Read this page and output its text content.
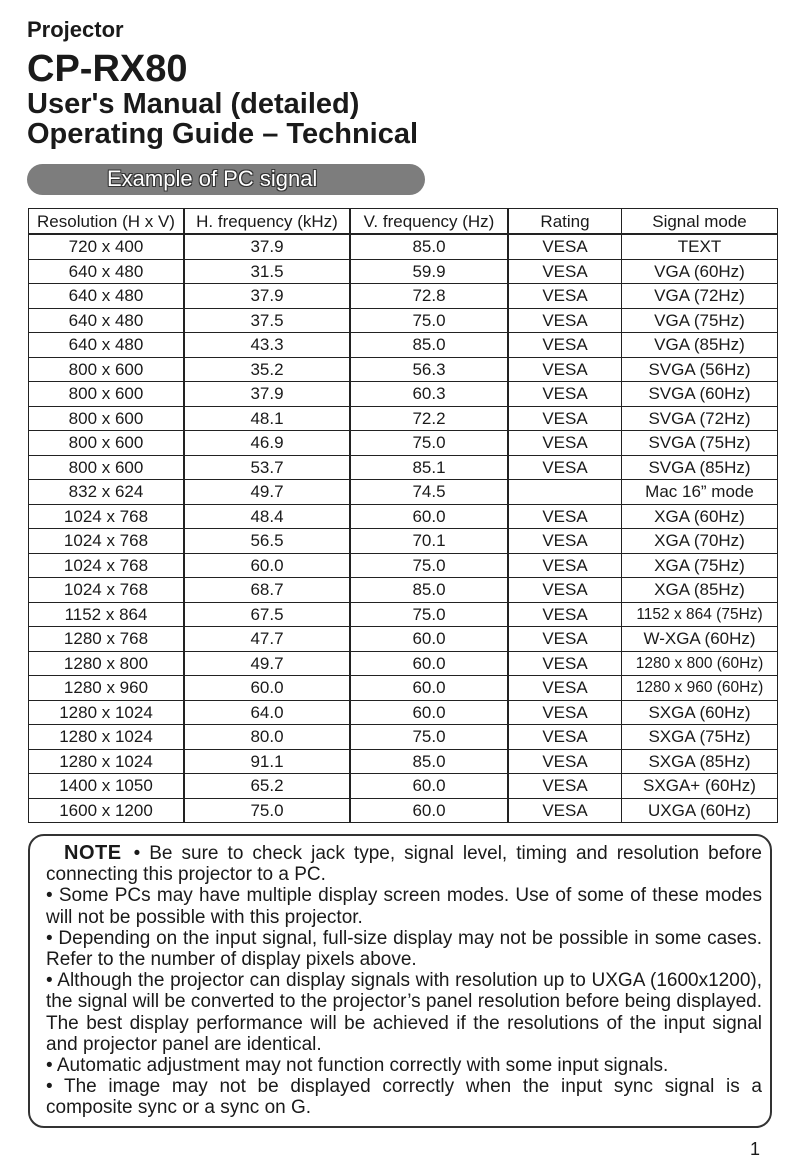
Projector
CP-RX80
User's Manual (detailed)
Operating Guide – Technical
Example of PC signal
Resolution (H x V)	H. frequency (kHz)	V. frequency (Hz)	Rating	Signal mode
720 x 400	37.9	85.0	VESA	TEXT
640 x 480	31.5	59.9	VESA	VGA (60Hz)
640 x 480	37.9	72.8	VESA	VGA (72Hz)
640 x 480	37.5	75.0	VESA	VGA (75Hz)
640 x 480	43.3	85.0	VESA	VGA (85Hz)
800 x 600	35.2	56.3	VESA	SVGA (56Hz)
800 x 600	37.9	60.3	VESA	SVGA (60Hz)
800 x 600	48.1	72.2	VESA	SVGA (72Hz)
800 x 600	46.9	75.0	VESA	SVGA (75Hz)
800 x 600	53.7	85.1	VESA	SVGA (85Hz)
832 x 624	49.7	74.5		Mac 16” mode
1024 x 768	48.4	60.0	VESA	XGA (60Hz)
1024 x 768	56.5	70.1	VESA	XGA (70Hz)
1024 x 768	60.0	75.0	VESA	XGA (75Hz)
1024 x 768	68.7	85.0	VESA	XGA (85Hz)
1152 x 864	67.5	75.0	VESA	1152 x 864 (75Hz)
1280 x 768	47.7	60.0	VESA	W-XGA (60Hz)
1280 x 800	49.7	60.0	VESA	1280 x 800 (60Hz)
1280 x 960	60.0	60.0	VESA	1280 x 960 (60Hz)
1280 x 1024	64.0	60.0	VESA	SXGA (60Hz)
1280 x 1024	80.0	75.0	VESA	SXGA (75Hz)
1280 x 1024	91.1	85.0	VESA	SXGA (85Hz)
1400 x 1050	65.2	60.0	VESA	SXGA+ (60Hz)
1600 x 1200	75.0	60.0	VESA	UXGA (60Hz)

NOTE • Be sure to check jack type, signal level, timing and resolution before connecting this projector to a PC.

• Some PCs may have multiple display screen modes. Use of some of these modes will not be possible with this projector.

• Depending on the input signal, full-size display may not be possible in some cases. Refer to the number of display pixels above.

• Although the projector can display signals with resolution up to UXGA (1600x1200), the signal will be converted to the projector’s panel resolution before being displayed. The best display performance will be achieved if the resolutions of the input signal and projector panel are identical.

• Automatic adjustment may not function correctly with some input signals.

• The image may not be displayed correctly when the input sync signal is a composite sync or a sync on G.

1
